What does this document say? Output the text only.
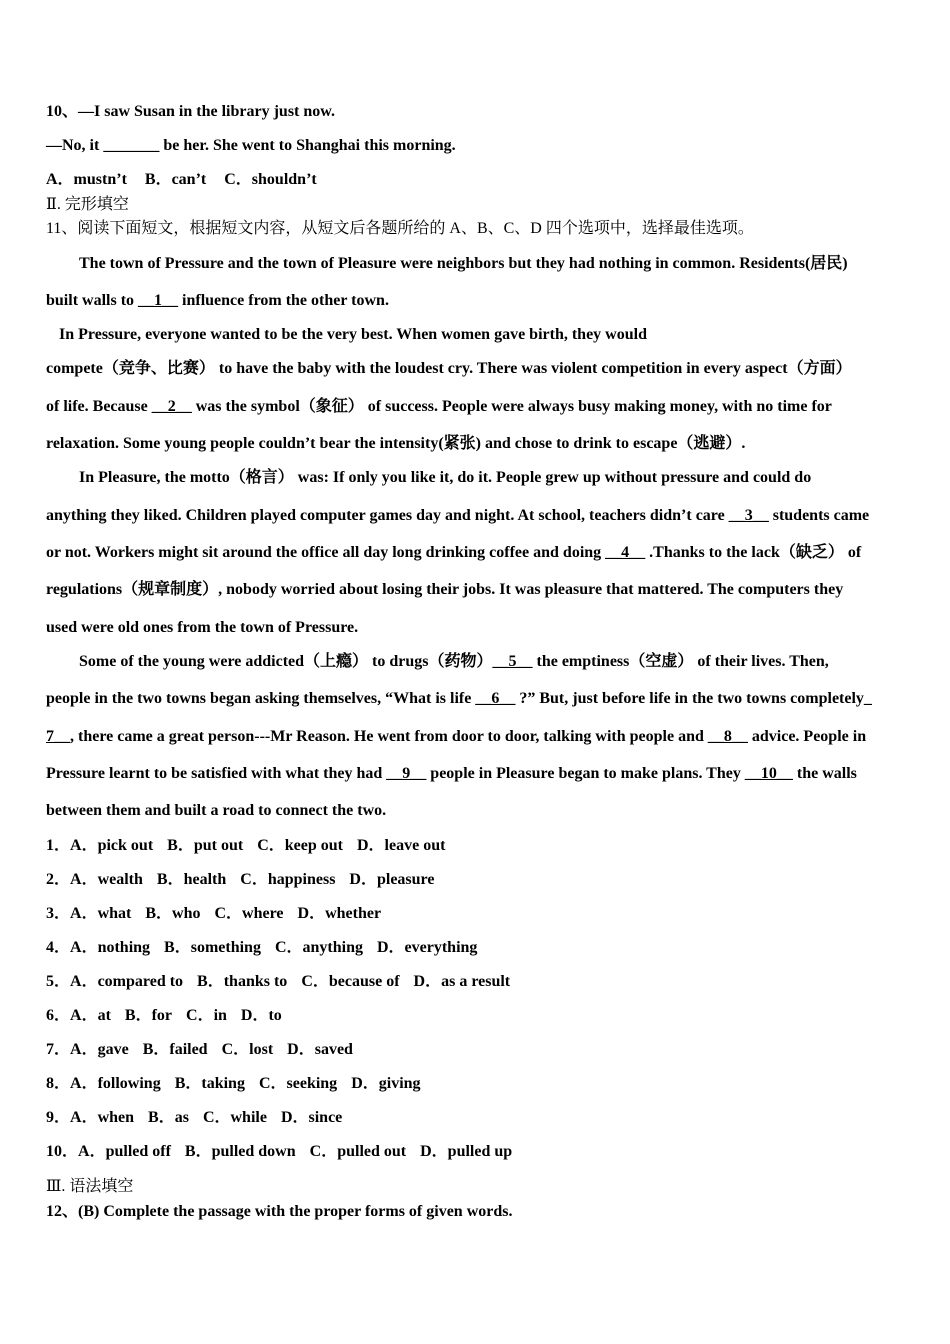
10、—I saw Susan in the library just now.
—No, it _______ be her. She went to Shanghai this morning.
A．mustn’t B．can’t C．shouldn’t
Ⅱ. 完形填空
11、阅读下面短文，根据短文内容，从短文后各题所给的 A、B、C、D 四个选项中，选择最佳选项。
The town of Pressure and the town of Pleasure were neighbors but they had nothing in common. Residents(居民)
built walls to __1__ influence from the other town.
In Pressure, everyone wanted to be the very best. When women gave birth, they would
compete（竞争、比赛） to have the baby with the loudest cry. There was violent competition in every aspect（方面）
of life. Because __2__ was the symbol（象征） of success. People were always busy making money, with no time for
relaxation. Some young people couldn’t bear the intensity(紧张) and chose to drink to escape（逃避）.
In Pleasure, the motto（格言） was: If only you like it, do it. People grew up without pressure and could do
anything they liked. Children played computer games day and night. At school, teachers didn’t care __3__ students came
or not. Workers might sit around the office all day long drinking coffee and doing __4__ .Thanks to the lack（缺乏） of
regulations（规章制度）, nobody worried about losing their jobs. It was pleasure that mattered. The computers they
used were old ones from the town of Pressure.
Some of the young were addicted（上瘾） to drugs（药物）__5__ the emptiness（空虚） of their lives. Then,
people in the two towns began asking themselves, “What is life __6__ ?” But, just before life in the two towns completely_
7__, there came a great person---Mr Reason. He went from door to door, talking with people and __8__ advice. People in
Pressure learnt to be satisfied with what they had __9__ people in Pleasure began to make plans. They __10__ the walls
between them and built a road to connect the two.
1．A．pick out B．put out C．keep out D．leave out
2．A．wealth B．health C．happiness D．pleasure
3．A．what B．who C．where D．whether
4．A．nothing B．something C．anything D．everything
5．A．compared to B．thanks to C．because of D．as a result
6．A．at B．for C．in D．to
7．A．gave B．failed C．lost D．saved
8．A．following B．taking C．seeking D．giving
9．A．when B．as C．while D．since
10．A．pulled off B．pulled down C．pulled out D．pulled up
Ⅲ. 语法填空
12、(B) Complete the passage with the proper forms of given words.
